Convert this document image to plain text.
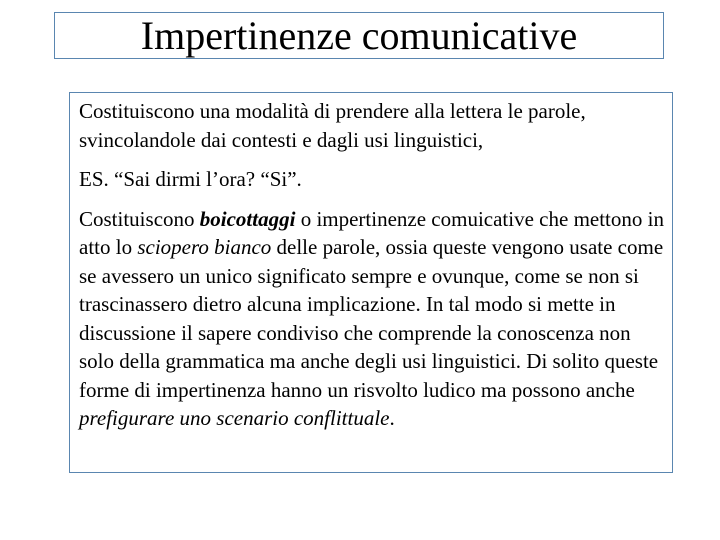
Impertinenze comunicative

Costituiscono una modalità di prendere alla lettera le parole,
svincolandole dai contesti e dagli usi linguistici,

ES. “Sai dirmi l’ora? “Si”.

Costituiscono boicottaggi o impertinenze comuicative che mettono in atto lo sciopero bianco delle parole, ossia queste vengono usate come se avessero un unico significato sempre e ovunque, come se non si trascinassero dietro alcuna implicazione. In tal modo si mette in discussione il sapere condiviso che comprende la conoscenza non solo della grammatica ma anche degli usi linguistici. Di solito queste forme di impertinenza hanno un risvolto ludico ma possono anche prefigurare uno scenario conflittuale.
